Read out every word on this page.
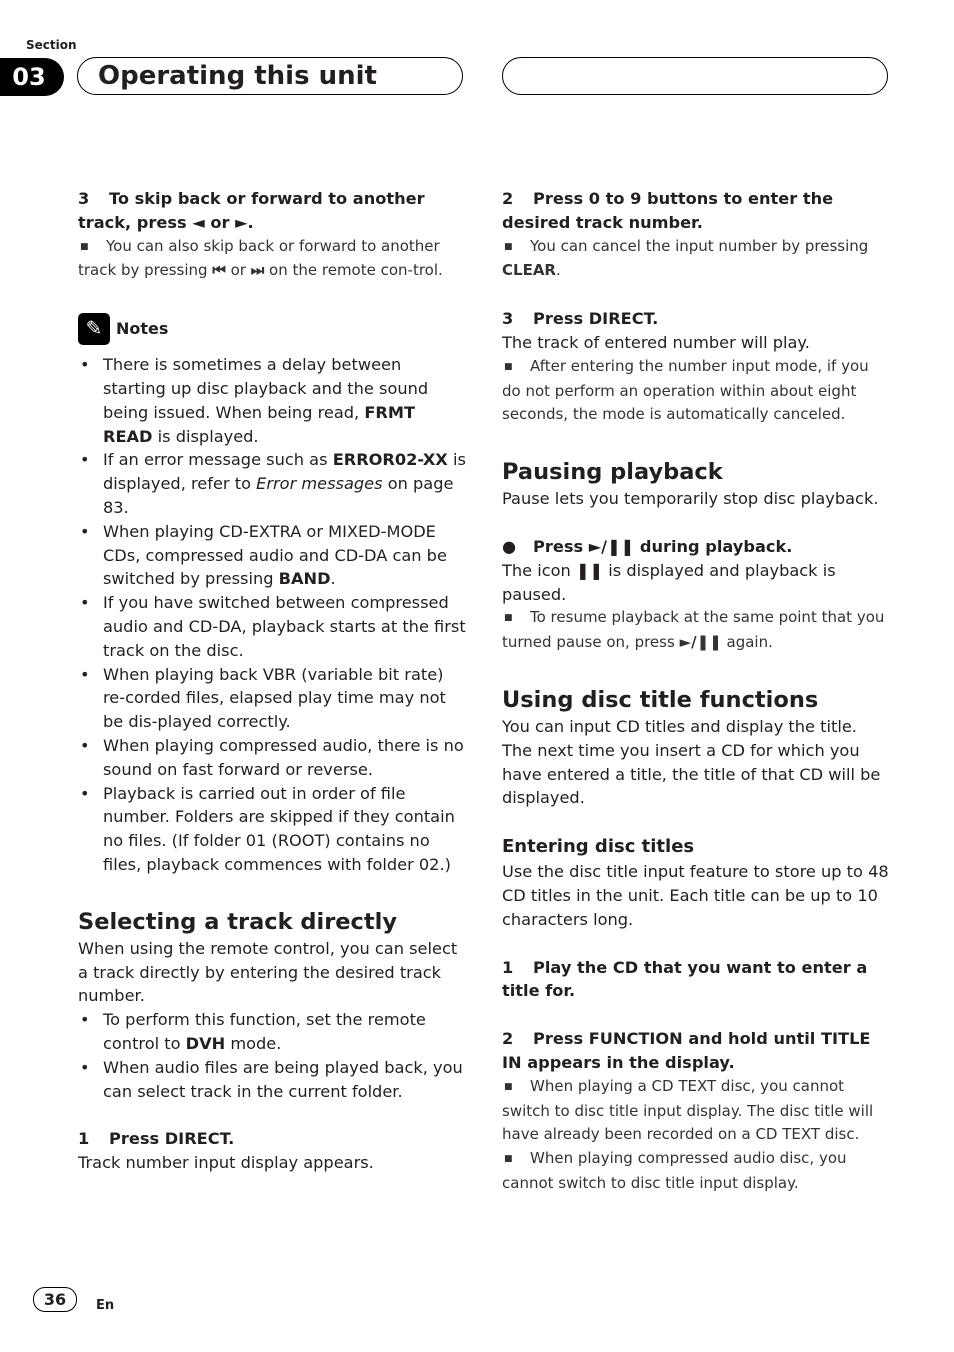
Section
03	Operating this unit

3 To skip back or forward to another track, press ◄ or ►.

■ You can also skip back or forward to another track by pressing ⏮ or ⏭ on the remote con-trol.

✎ Notes
• There is sometimes a delay between starting up disc playback and the sound being issued. When being read, FRMT READ is displayed.
• If an error message such as ERROR02-XX is displayed, refer to Error messages on page 83.
• When playing CD-EXTRA or MIXED-MODE CDs, compressed audio and CD-DA can be switched by pressing BAND.
• If you have switched between compressed audio and CD-DA, playback starts at the first track on the disc.
• When playing back VBR (variable bit rate) re-corded files, elapsed play time may not be dis-played correctly.
• When playing compressed audio, there is no sound on fast forward or reverse.
• Playback is carried out in order of file number. Folders are skipped if they contain no files. (If folder 01 (ROOT) contains no files, playback commences with folder 02.)
Selecting a track directly

When using the remote control, you can select a track directly by entering the desired track number.

• To perform this function, set the remote control to DVH mode.
• When audio files are being played back, you can select track in the current folder.

1 Press DIRECT.

Track number input display appears.

2 Press 0 to 9 buttons to enter the desired track number.

■ You can cancel the input number by pressing CLEAR.

3 Press DIRECT.

The track of entered number will play.

■ After entering the number input mode, if you do not perform an operation within about eight seconds, the mode is automatically canceled.

Pausing playback

Pause lets you temporarily stop disc playback.

● Press ►/❚❚ during playback.

The icon ❚❚ is displayed and playback is paused.

■ To resume playback at the same point that you turned pause on, press ►/❚❚ again.

Using disc title functions

You can input CD titles and display the title. The next time you insert a CD for which you have entered a title, the title of that CD will be displayed.

Entering disc titles

Use the disc title input feature to store up to 48 CD titles in the unit. Each title can be up to 10 characters long.

1 Play the CD that you want to enter a title for.

2 Press FUNCTION and hold until TITLE IN appears in the display.

■ When playing a CD TEXT disc, you cannot switch to disc title input display. The disc title will have already been recorded on a CD TEXT disc.

■ When playing compressed audio disc, you cannot switch to disc title input display.

36	En
